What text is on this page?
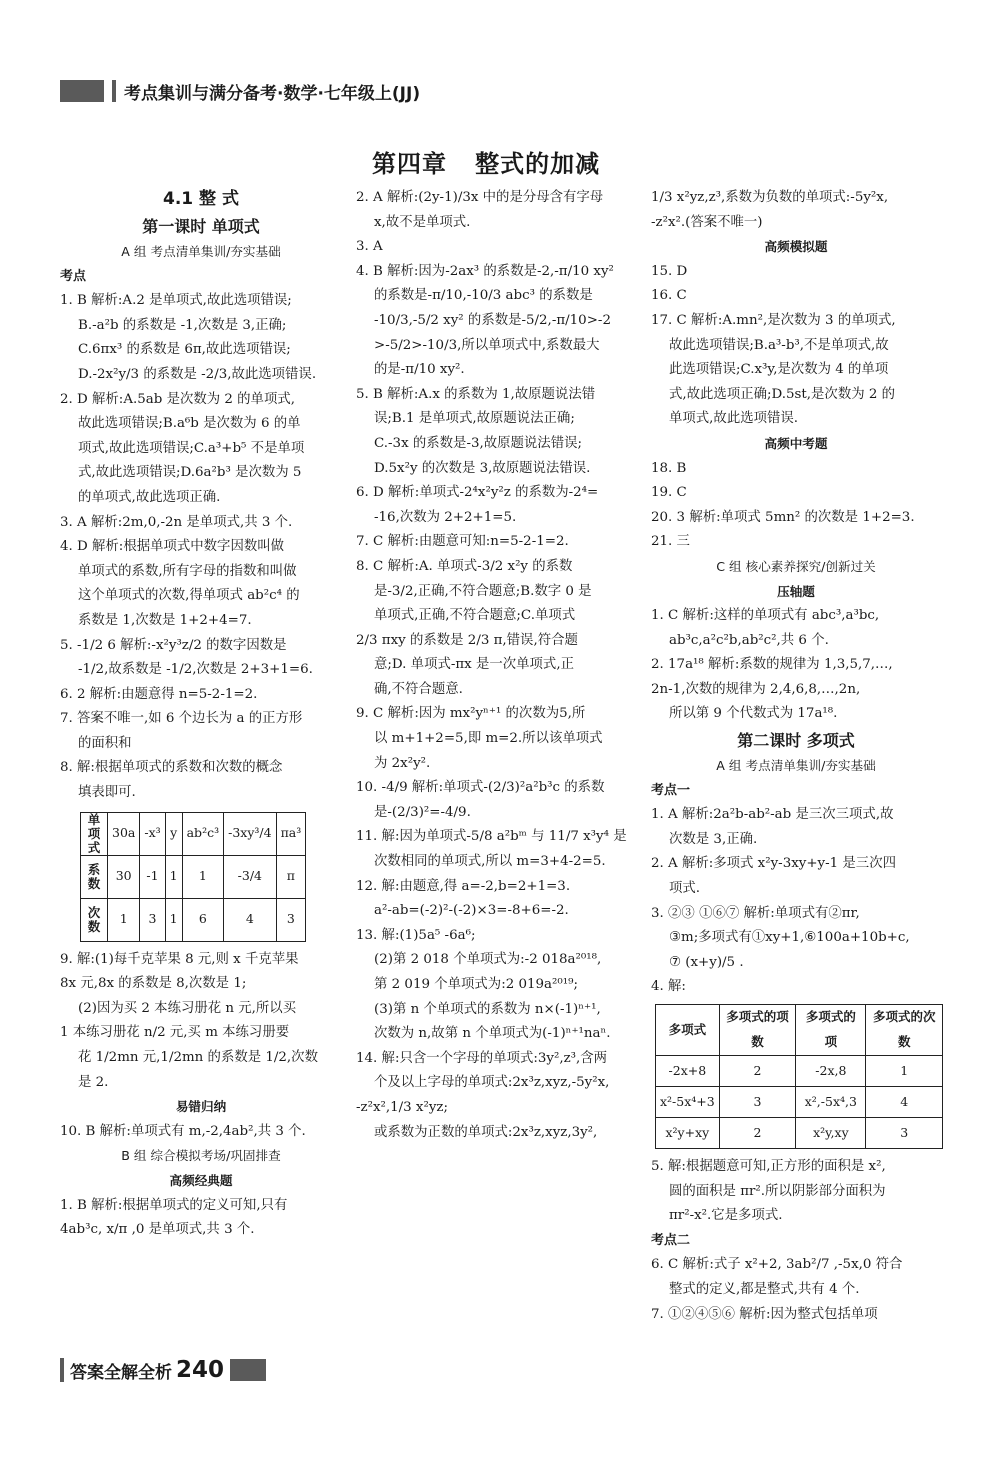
考点集训与满分备考·数学·七年级上(JJ)
第四章   整式的加减
4.1 整 式
第一课时 单项式
A 组 考点清单集训/夯实基础
考点
1. B 解析:A.2 是单项式,故此选项错误;
B.-a²b 的系数是 -1,次数是 3,正确;
C.6πx³ 的系数是 6π,故此选项错误;
D.-2x²y/3 的系数是 -2/3,故此选项错误.
2. D 解析:A.5ab 是次数为 2 的单项式,
故此选项错误;B.a⁶b 是次数为 6 的单
项式,故此选项错误;C.a³+b⁵ 不是单项
式,故此选项错误;D.6a²b³ 是次数为 5
的单项式,故此选项正确.
3. A 解析:2m,0,-2n 是单项式,共 3 个.
4. D 解析:根据单项式中数字因数叫做
单项式的系数,所有字母的指数和叫做
这个单项式的次数,得单项式 ab²c⁴ 的
系数是 1,次数是 1+2+4=7.
5. -1/2 6 解析:-x²y³z/2 的数字因数是
-1/2,故系数是 -1/2,次数是 2+3+1=6.
6. 2 解析:由题意得 n=5-2-1=2.
7. 答案不唯一,如 6 个边长为 a 的正方形
的面积和
8. 解:根据单项式的系数和次数的概念
填表即可.
单项式	30a	-x³	y	ab²c³	-3xy³/4	πa³
系数	30	-1	1	1	-3/4	π
次数	1	3	1	6	4	3
9. 解:(1)每千克苹果 8 元,则 x 千克苹果
8x 元,8x 的系数是 8,次数是 1;
(2)因为买 2 本练习册花 n 元,所以买
1 本练习册花 n/2 元,买 m 本练习册要
花 1/2mn 元,1/2mn 的系数是 1/2,次数
是 2.
易错归纳
10. B 解析:单项式有 m,-2,4ab²,共 3 个.
B 组 综合模拟考场/巩固排查
高频经典题
1. B 解析:根据单项式的定义可知,只有
4ab³c, x/π ,0 是单项式,共 3 个.
2. A 解析:(2y-1)/3x 中的是分母含有字母
x,故不是单项式.
3. A
4. B 解析:因为-2ax³ 的系数是-2,-π/10 xy²
的系数是-π/10,-10/3 abc³ 的系数是
-10/3,-5/2 xy² 的系数是-5/2,-π/10>-2
>-5/2>-10/3,所以单项式中,系数最大
的是-π/10 xy².
5. B 解析:A.x 的系数为 1,故原题说法错
误;B.1 是单项式,故原题说法正确;
C.-3x 的系数是-3,故原题说法错误;
D.5x²y 的次数是 3,故原题说法错误.
6. D 解析:单项式-2⁴x²y²z 的系数为-2⁴=
-16,次数为 2+2+1=5.
7. C 解析:由题意可知:n=5-2-1=2.
8. C 解析:A. 单项式-3/2 x²y 的系数
是-3/2,正确,不符合题意;B.数字 0 是
单项式,正确,不符合题意;C.单项式
2/3 πxy 的系数是 2/3 π,错误,符合题
意;D. 单项式-πx 是一次单项式,正
确,不符合题意.
9. C 解析:因为 mx²yⁿ⁺¹ 的次数为5,所
以 m+1+2=5,即 m=2.所以该单项式
为 2x²y².
10. -4/9 解析:单项式-(2/3)²a²b³c 的系数
是-(2/3)²=-4/9.
11. 解:因为单项式-5/8 a²bᵐ 与 11/7 x³y⁴ 是
次数相同的单项式,所以 m=3+4-2=5.
12. 解:由题意,得 a=-2,b=2+1=3.
a²-ab=(-2)²-(-2)×3=-8+6=-2.
13. 解:(1)5a⁵ -6a⁶;
(2)第 2 018 个单项式为:-2 018a²⁰¹⁸,
第 2 019 个单项式为:2 019a²⁰¹⁹;
(3)第 n 个单项式的系数为 n×(-1)ⁿ⁺¹,
次数为 n,故第 n 个单项式为(-1)ⁿ⁺¹naⁿ.
14. 解:只含一个字母的单项式:3y²,z³,含两
个及以上字母的单项式:2x³z,xyz,-5y²x,
-z²x²,1/3 x²yz;
或系数为正数的单项式:2x³z,xyz,3y²,
1/3 x²yz,z³,系数为负数的单项式:-5y²x,
-z²x².(答案不唯一)
高频模拟题
15. D
16. C
17. C 解析:A.mn²,是次数为 3 的单项式,
故此选项错误;B.a³-b³,不是单项式,故
此选项错误;C.x³y,是次数为 4 的单项
式,故此选项正确;D.5st,是次数为 2 的
单项式,故此选项错误.
高频中考题
18. B
19. C
20. 3 解析:单项式 5mn² 的次数是 1+2=3.
21. 三
C 组 核心素养探究/创新过关
压轴题
1. C 解析:这样的单项式有 abc³,a³bc,
ab³c,a²c²b,ab²c²,共 6 个.
2. 17a¹⁸ 解析:系数的规律为 1,3,5,7,…,
2n-1,次数的规律为 2,4,6,8,…,2n,
所以第 9 个代数式为 17a¹⁸.
第二课时 多项式
A 组 考点清单集训/夯实基础
考点一
1. A 解析:2a²b-ab²-ab 是三次三项式,故
次数是 3,正确.
2. A 解析:多项式 x²y-3xy+y-1 是三次四
项式.
3. ②③ ①⑥⑦ 解析:单项式有②πr,
③m;多项式有①xy+1,⑥100a+10b+c,
⑦ (x+y)/5 .
4. 解:
多项式	多项式的项数	多项式的项	多项式的次数
-2x+8	2	-2x,8	1
x²-5x⁴+3	3	x²,-5x⁴,3	4
x²y+xy	2	x²y,xy	3
5. 解:根据题意可知,正方形的面积是 x²,
圆的面积是 πr².所以阴影部分面积为
πr²-x².它是多项式.
考点二
6. C 解析:式子 x²+2, 3ab²/7 ,-5x,0 符合
整式的定义,都是整式,共有 4 个.
7. ①②④⑤⑥ 解析:因为整式包括单项
答案全解全析 240
